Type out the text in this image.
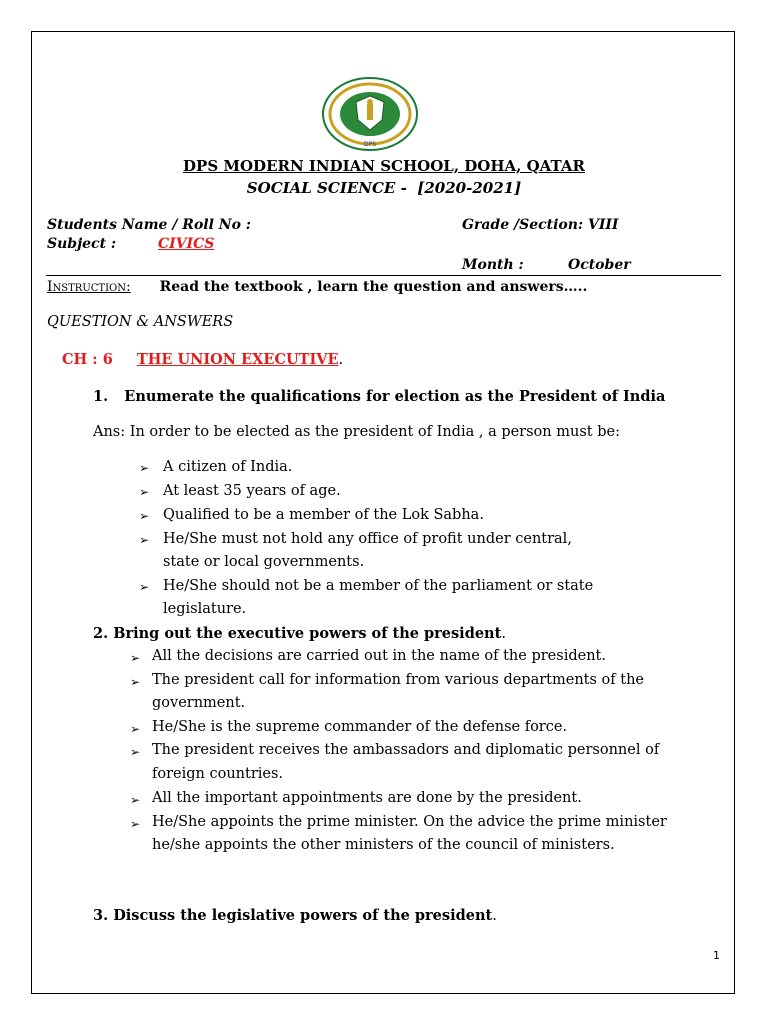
DPS
DPS MODERN INDIAN SCHOOL, DOHA, QATAR
SOCIAL SCIENCE - [2020-2021]
Students Name / Roll No :	Grade /Section: VIII
Subject :	CIVICS
Month :	October
Instruction: Read the textbook , learn the question and answers…..
QUESTION & ANSWERS
CH : 6 THE UNION EXECUTIVE.
1. Enumerate the qualifications for election as the President of India
Ans: In order to be elected as the president of India , a person must be:
➢ A citizen of India.
➢ At least 35 years of age.
➢ Qualified to be a member of the Lok Sabha.
➢ He/She must not hold any office of profit under central,
state or local governments.
➢ He/She should not be a member of the parliament or state
legislature.
2. Bring out the executive powers of the president.
➢ All the decisions are carried out in the name of the president.
➢ The president call for information from various departments of the
government.
➢ He/She is the supreme commander of the defense force.
➢ The president receives the ambassadors and diplomatic personnel of
foreign countries.
➢ All the important appointments are done by the president.
➢ He/She appoints the prime minister. On the advice the prime minister
he/she appoints the other ministers of the council of ministers.
3. Discuss the legislative powers of the president.
1
